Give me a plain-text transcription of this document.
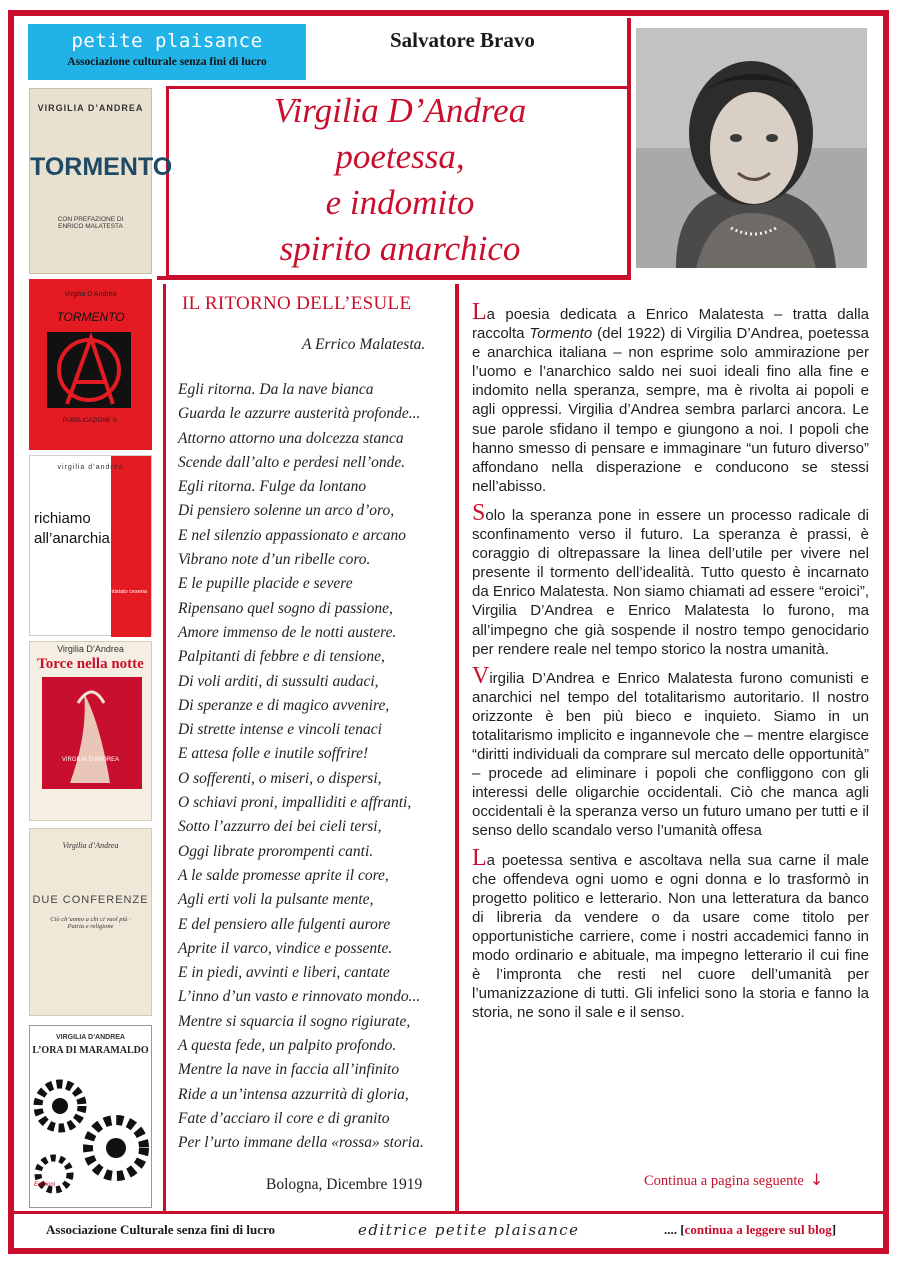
petite plaisance
Associazione culturale senza fini di lucro
Salvatore Bravo
Virgilia D’Andrea
poetessa,
e indomito
spirito anarchico
VIRGILIA D’ANDREA
TORMENTO
CON PREFAZIONE DI ENRICO MALATESTA
Virgilia D’Andrea
TORMENTO
PUBBLICAZIONE N.
virgilia d’andrea
richiamo all’anarchia
edizioni l’antistato cesena
Virgilia D’Andrea
Torce nella notte
VIRGILIA D’ANDREA
Virgilia d’Andrea
DUE CONFERENZE
Ciò ch’uomo a chi ci vuol più · Patria e religione
VIRGILIA D’ANDREA
L’ORA DI MARAMALDO
Edizioni
IL RITORNO DELL’ESULE
A Errico Malatesta.
Egli ritorna. Da la nave bianca
Guarda le azzurre austerità profonde...
Attorno attorno una dolcezza stanca
Scende dall’alto e perdesi nell’onde.
Egli ritorna. Fulge da lontano
Di pensiero solenne un arco d’oro,
E nel silenzio appassionato e arcano
Vibrano note d’un ribelle coro.
E le pupille placide e severe
Ripensano quel sogno di passione,
Amore immenso de le notti austere.
Palpitanti di febbre e di tensione,
Di voli arditi, di sussulti audaci,
Di speranze e di magico avvenire,
Di strette intense e vincoli tenaci
E attesa folle e inutile soffrire!
O sofferenti, o miseri, o dispersi,
O schiavi proni, impalliditi e affranti,
Sotto l’azzurro dei bei cieli tersi,
Oggi librate prorompenti canti.
A le salde promesse aprite il core,
Agli erti voli la pulsante mente,
E del pensiero alle fulgenti aurore
Aprite il varco, vindice e possente.
E in piedi, avvinti e liberi, cantate
L’inno d’un vasto e rinnovato mondo...
Mentre si squarcia il sogno rigiurate,
A questa fede, un palpito profondo.
Mentre la nave in faccia all’infinito
Ride a un’intensa azzurrità di gloria,
Fate d’acciaro il core e di granito
Per l’urto immane della «rossa» storia.
Bologna, Dicembre 1919

La poesia dedicata a Enrico Malatesta – tratta dalla raccolta Tormento (del 1922) di Virgilia D’Andrea, poetessa e anarchica italiana – non esprime solo ammirazione per l’uomo e l’anarchico saldo nei suoi ideali fino alla fine e indomito nella speranza, sempre, ma è rivolta ai popoli e agli oppressi. Virgilia d’Andrea sembra parlarci ancora. Le sue parole sfidano il tempo e giungono a noi. I popoli che hanno smesso di pensare e immaginare “un futuro diverso” affondano nella disperazione e conducono se stessi nell’abisso.

Solo la speranza pone in essere un processo radicale di sconfinamento verso il futuro. La speranza è prassi, è coraggio di oltrepassare la linea dell’utile per vivere nel presente il tormento dell’idealità. Tutto questo è incarnato da Enrico Malatesta. Non siamo chiamati ad essere “eroici”, Virgilia D’Andrea e Enrico Malatesta lo furono, ma all’impegno che già sospende il nostro tempo genocidario per rendere reale nel tempo storico la nostra umanità.

Virgilia D’Andrea e Enrico Malatesta furono comunisti e anarchici nel tempo del totalitarismo autoritario. Il nostro orizzonte è ben più bieco e inquieto. Siamo in un totalitarismo implicito e ingannevole che – mentre elargisce “diritti individuali da comprare sul mercato delle opportunità” – procede ad eliminare i popoli che confliggono con gli interessi delle oligarchie occidentali. Ciò che manca agli occidentali è la speranza verso un futuro umano per tutti e il senso dello scandalo verso l’umanità offesa

La poetessa sentiva e ascoltava nella sua carne il male che offendeva ogni uomo e ogni donna e lo trasformò in progetto politico e letterario. Non una letteratura da banco di libreria da vendere o da usare come titolo per opportunistiche carriere, come i nostri accademici fanno in modo ordinario e abituale, ma impegno letterario il cui fine è l’impronta che resti nel cuore dell’umanità per l’umanizzazione di tutti. Gli infelici sono la storia e fanno la storia, ne sono il sale e il senso.

Continua a pagina seguente ↓
Associazione Culturale senza fini di lucro	editrice petite plaisance	.... [continua a leggere sul blog]
